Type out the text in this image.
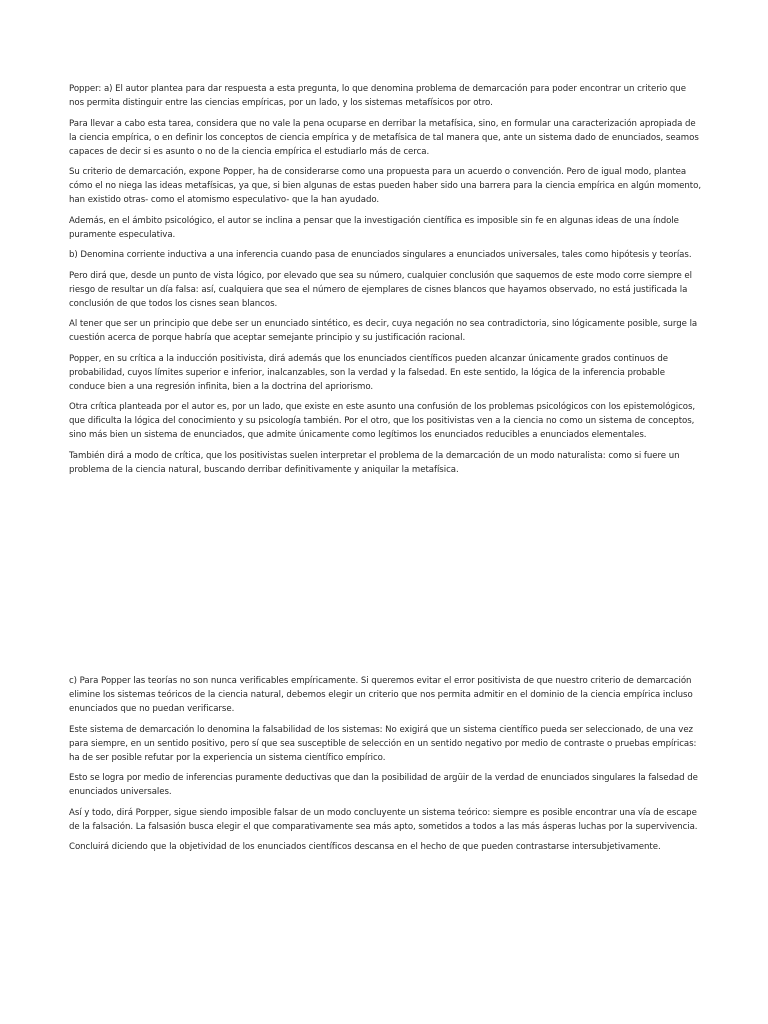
Popper: a) El autor plantea para dar respuesta a esta pregunta, lo que denomina problema de demarcación para poder encontrar un criterio que nos permita distinguir entre las ciencias empíricas, por un lado, y los sistemas metafísicos por otro.

Para llevar a cabo esta tarea, considera que no vale la pena ocuparse en derribar la metafísica, sino, en formular una caracterización apropiada de la ciencia empírica, o en definir los conceptos de ciencia empírica y de metafísica de tal manera que, ante un sistema dado de enunciados, seamos capaces de decir si es asunto o no de la ciencia empírica el estudiarlo más de cerca.

Su criterio de demarcación, expone Popper, ha de considerarse como una propuesta para un acuerdo o convención. Pero de igual modo, plantea cómo el no niega las ideas metafísicas, ya que, si bien algunas de estas pueden haber sido una barrera para la ciencia empírica en algún momento, han existido otras- como el atomismo especulativo- que la han ayudado.

Además, en el ámbito psicológico, el autor se inclina a pensar que la investigación científica es imposible sin fe en algunas ideas de una índole puramente especulativa.

b) Denomina corriente inductiva a una inferencia cuando pasa de enunciados singulares a enunciados universales, tales como hipótesis y teorías.

Pero dirá que, desde un punto de vista lógico, por elevado que sea su número, cualquier conclusión que saquemos de este modo corre siempre el riesgo de resultar un día falsa: así, cualquiera que sea el número de ejemplares de cisnes blancos que hayamos observado, no está justificada la conclusión de que todos los cisnes sean blancos.

Al tener que ser un principio que debe ser un enunciado sintético, es decir, cuya negación no sea contradictoria, sino lógicamente posible, surge la cuestión acerca de porque habría que aceptar semejante principio y su justificación racional.

Popper, en su crítica a la inducción positivista, dirá además que los enunciados científicos pueden alcanzar únicamente grados continuos de probabilidad, cuyos límites superior e inferior, inalcanzables, son la verdad y la falsedad. En este sentido, la lógica de la inferencia probable conduce bien a una regresión infinita, bien a la doctrina del apriorismo.

Otra crítica planteada por el autor es, por un lado, que existe en este asunto una confusión de los problemas psicológicos con los epistemológicos, que dificulta la lógica del conocimiento y su psicología también. Por el otro, que los positivistas ven a la ciencia no como un sistema de conceptos, sino más bien un sistema de enunciados, que admite únicamente como legítimos los enunciados reducibles a enunciados elementales.

También dirá a modo de crítica, que los positivistas suelen interpretar el problema de la demarcación de un modo naturalista: como si fuere un problema de la ciencia natural, buscando derribar definitivamente y aniquilar la metafísica.

c) Para Popper las teorías no son nunca verificables empíricamente. Si queremos evitar el error positivista de que nuestro criterio de demarcación elimine los sistemas teóricos de la ciencia natural, debemos elegir un criterio que nos permita admitir en el dominio de la ciencia empírica incluso enunciados que no puedan verificarse.

Este sistema de demarcación lo denomina la falsabilidad de los sistemas: No exigirá que un sistema científico pueda ser seleccionado, de una vez para siempre, en un sentido positivo, pero sí que sea susceptible de selección en un sentido negativo por medio de contraste o pruebas empíricas: ha de ser posible refutar por la experiencia un sistema científico empírico.

Esto se logra por medio de inferencias puramente deductivas que dan la posibilidad de argüir de la verdad de enunciados singulares la falsedad de enunciados universales.

Así y todo, dirá Porpper, sigue siendo imposible falsar de un modo concluyente un sistema teórico: siempre es posible encontrar una vía de escape de la falsación. La falsasión busca elegir el que comparativamente sea más apto, sometidos a todos a las más ásperas luchas por la supervivencia.

Concluirá diciendo que la objetividad de los enunciados científicos descansa en el hecho de que pueden contrastarse intersubjetivamente.
